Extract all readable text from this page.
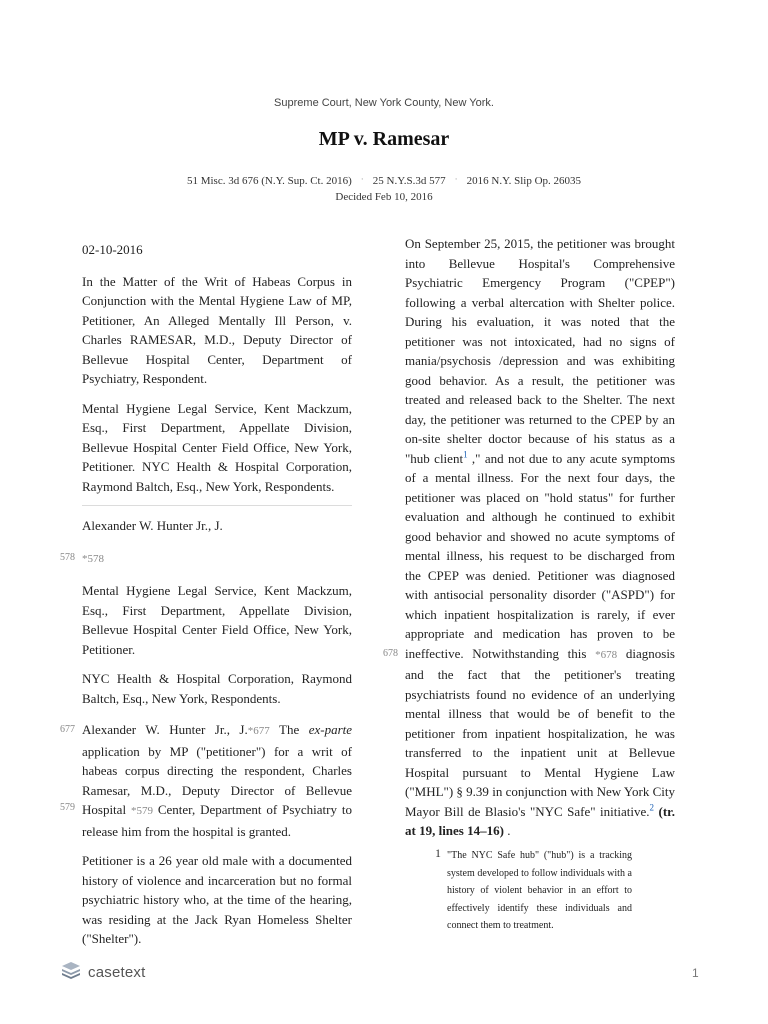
Supreme Court, New York County, New York.
MP v. Ramesar
51 Misc. 3d 676 (N.Y. Sup. Ct. 2016) · 25 N.Y.S.3d 577 · 2016 N.Y. Slip Op. 26035
Decided Feb 10, 2016

02-10-2016

In the Matter of the Writ of Habeas Corpus in Conjunction with the Mental Hygiene Law of MP, Petitioner, An Alleged Mentally Ill Person, v. Charles RAMESAR, M.D., Deputy Director of Bellevue Hospital Center, Department of Psychiatry, Respondent.

Mental Hygiene Legal Service, Kent Mackzum, Esq., First Department, Appellate Division, Bellevue Hospital Center Field Office, New York, Petitioner. NYC Health & Hospital Corporation, Raymond Baltch, Esq., New York, Respondents.

Alexander W. Hunter Jr., J.

578 *578

Mental Hygiene Legal Service, Kent Mackzum, Esq., First Department, Appellate Division, Bellevue Hospital Center Field Office, New York, Petitioner.

NYC Health & Hospital Corporation, Raymond Baltch, Esq., New York, Respondents.

677
579
Alexander W. Hunter Jr., J.*677 The ex-parte application by MP ("petitioner") for a writ of habeas corpus directing the respondent, Charles Ramesar, M.D., Deputy Director of Bellevue Hospital *579 Center, Department of Psychiatry to release him from the hospital is granted.

Petitioner is a 26 year old male with a documented history of violence and incarceration but no formal psychiatric history who, at the time of the hearing, was residing at the Jack Ryan Homeless Shelter ("Shelter").

678

On September 25, 2015, the petitioner was brought into Bellevue Hospital's Comprehensive Psychiatric Emergency Program ("CPEP") following a verbal altercation with Shelter police. During his evaluation, it was noted that the petitioner was not intoxicated, had no signs of mania/psychosis /depression and was exhibiting good behavior. As a result, the petitioner was treated and released back to the Shelter. The next day, the petitioner was returned to the CPEP by an on-site shelter doctor because of his status as a "hub client$^1$ ," and not due to any acute symptoms of a mental illness. For the next four days, the petitioner was placed on "hold status" for further evaluation and although he continued to exhibit good behavior and showed no acute symptoms of mental illness, his request to be discharged from the CPEP was denied. Petitioner was diagnosed with antisocial personality disorder ("ASPD") for which inpatient hospitalization is rarely, if ever appropriate and medication has proven to be ineffective. Notwithstanding this *678 diagnosis and the fact that the petitioner's treating psychiatrists found no evidence of an underlying mental illness that would be of benefit to the petitioner from inpatient hospitalization, he was transferred to the inpatient unit at Bellevue Hospital pursuant to Mental Hygiene Law ("MHL") § 9.39 in conjunction with New York City Mayor Bill de Blasio's "NYC Safe" initiative.$^2$ (tr. at 19, lines 14–16) .

1 "The NYC Safe hub" ("hub") is a tracking system developed to follow individuals with a history of violent behavior in an effort to effectively identify these individuals and connect them to treatment.
casetext	1
